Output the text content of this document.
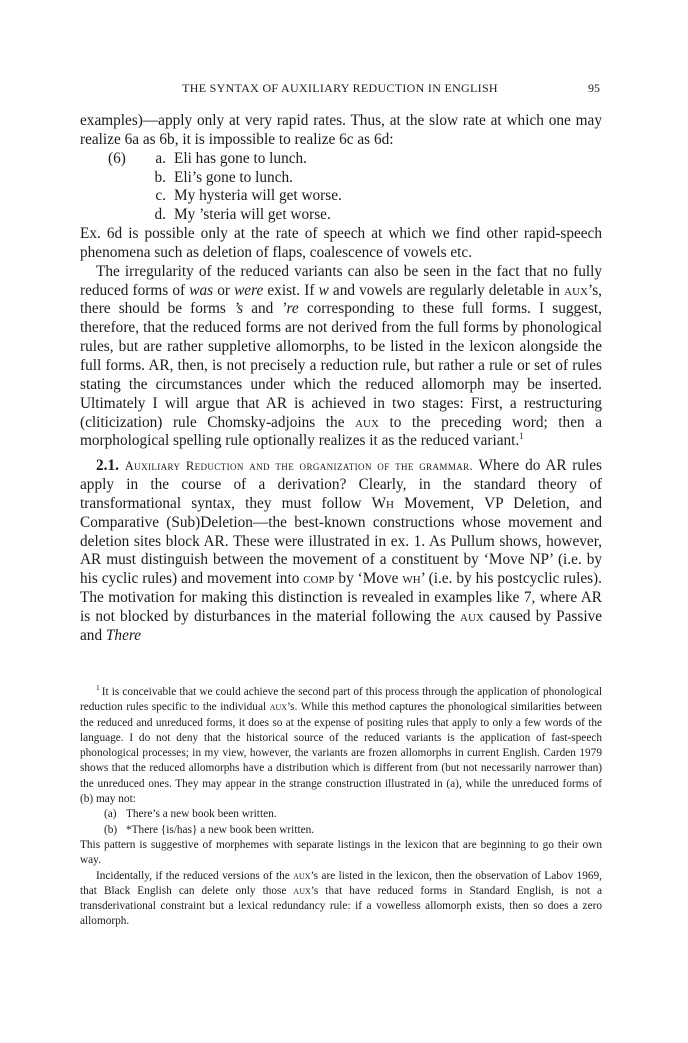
THE SYNTAX OF AUXILIARY REDUCTION IN ENGLISH	95

examples)—apply only at very rapid rates. Thus, at the slow rate at which one may realize 6a as 6b, it is impossible to realize 6c as 6d:

(6)	a. Eli has gone to lunch.
b. Eli’s gone to lunch.
c. My hysteria will get worse.
d. My ’steria will get worse.

Ex. 6d is possible only at the rate of speech at which we find other rapid-speech phenomena such as deletion of flaps, coalescence of vowels etc.

The irregularity of the reduced variants can also be seen in the fact that no fully reduced forms of was or were exist. If w and vowels are regularly deletable in aux’s, there should be forms ’s and ’re corresponding to these full forms. I suggest, therefore, that the reduced forms are not derived from the full forms by phonological rules, but are rather suppletive allomorphs, to be listed in the lexicon alongside the full forms. AR, then, is not precisely a reduction rule, but rather a rule or set of rules stating the circumstances under which the reduced allomorph may be inserted. Ultimately I will argue that AR is achieved in two stages: First, a restructuring (cliticization) rule Chomsky-adjoins the aux to the preceding word; then a morphological spelling rule optionally realizes it as the reduced variant.$^1$

2.1. Auxiliary Reduction and the organization of the grammar. Where do AR rules apply in the course of a derivation? Clearly, in the standard theory of transformational syntax, they must follow Wh Movement, VP Deletion, and Comparative (Sub)Deletion—the best-known constructions whose movement and deletion sites block AR. These were illustrated in ex. 1. As Pullum shows, however, AR must distinguish between the movement of a constituent by ‘Move NP’ (i.e. by his cyclic rules) and movement into comp by ‘Move wh’ (i.e. by his postcyclic rules). The motivation for making this distinction is revealed in examples like 7, where AR is not blocked by disturbances in the material following the aux caused by Passive and There

$^1$ It is conceivable that we could achieve the second part of this process through the application of phonological reduction rules specific to the individual aux’s. While this method captures the phonological similarities between the reduced and unreduced forms, it does so at the expense of positing rules that apply to only a few words of the language. I do not deny that the historical source of the reduced variants is the application of fast-speech phonological processes; in my view, however, the variants are frozen allomorphs in current English. Carden 1979 shows that the reduced allomorphs have a distribution which is different from (but not necessarily narrower than) the unreduced ones. They may appear in the strange construction illustrated in (a), while the unreduced forms of (b) may not:

(a) There’s a new book been written.
(b) *There {is/has} a new book been written.

This pattern is suggestive of morphemes with separate listings in the lexicon that are beginning to go their own way.

Incidentally, if the reduced versions of the aux’s are listed in the lexicon, then the observation of Labov 1969, that Black English can delete only those aux’s that have reduced forms in Standard English, is not a transderivational constraint but a lexical redundancy rule: if a vowelless allomorph exists, then so does a zero allomorph.
